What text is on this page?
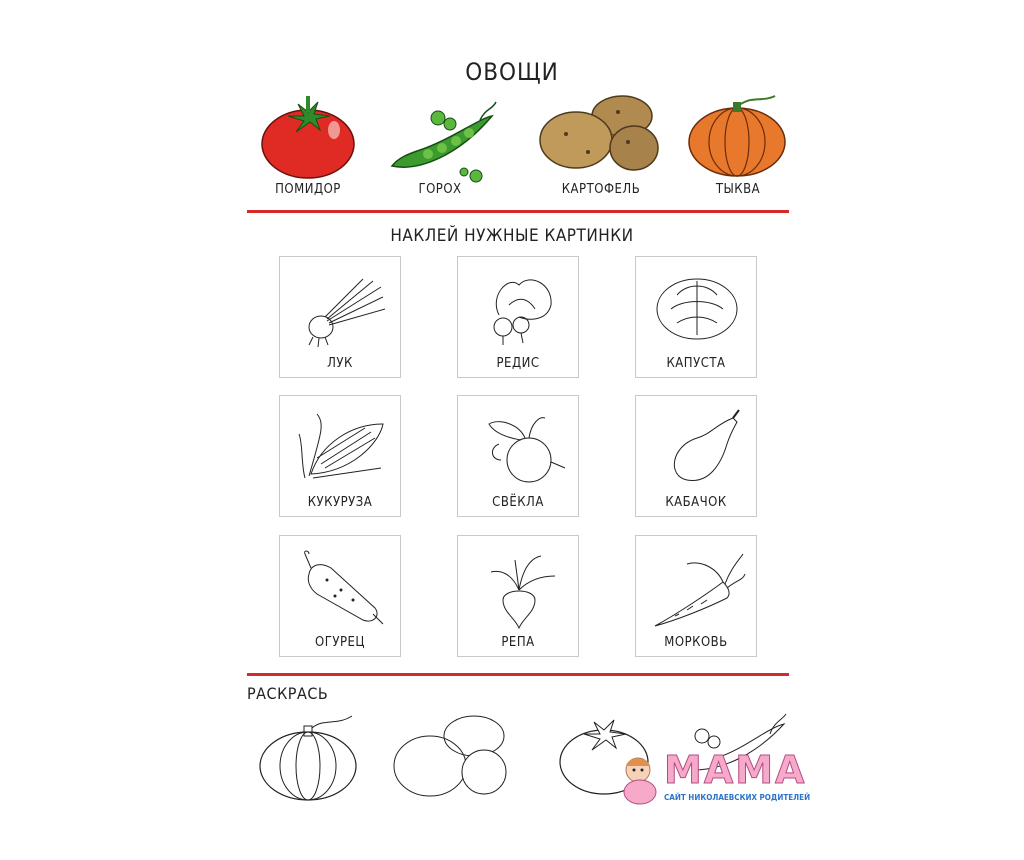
ОВОЩИ
ПОМИДОР	ГОРОХ	КАРТОФЕЛЬ	ТЫКВА
НАКЛЕЙ НУЖНЫЕ КАРТИНКИ
ЛУК	РЕДИС	КАПУСТА
КУКУРУЗА	СВЁКЛА	КАБАЧОК
ОГУРЕЦ	РЕПА	МОРКОВЬ
РАСКРАСЬ
МАМА
САЙТ НИКОЛАЕВСКИХ РОДИТЕЛЕЙ
